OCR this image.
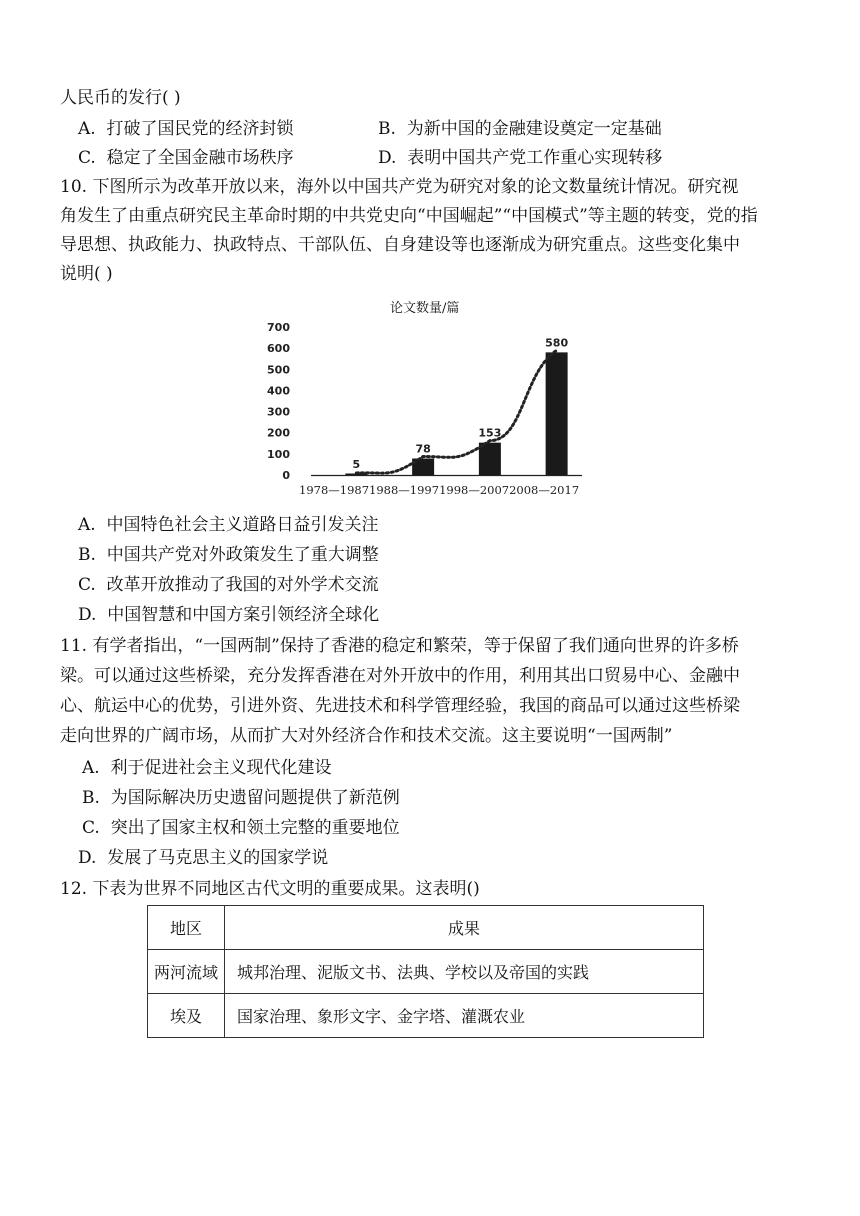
人民币的发行( )
A. 打破了国民党的经济封锁	B. 为新中国的金融建设奠定一定基础
C. 稳定了全国金融市场秩序	D. 表明中国共产党工作重心实现转移
10. 下图所示为改革开放以来，海外以中国共产党为研究对象的论文数量统计情况。研究视
角发生了由重点研究民主革命时期的中共党史向“中国崛起”“中国模式”等主题的转变，党的指
导思想、执政能力、执政特点、干部队伍、自身建设等也逐渐成为研究重点。这些变化集中
说明( )
论文数量/篇
0
100
200
300
400
500
600
700
5
78
153
580
1978—19871988—19971998—20072008—2017
A. 中国特色社会主义道路日益引发关注
B. 中国共产党对外政策发生了重大调整
C. 改革开放推动了我国的对外学术交流
D. 中国智慧和中国方案引领经济全球化
11. 有学者指出，“一国两制”保持了香港的稳定和繁荣，等于保留了我们通向世界的许多桥
梁。可以通过这些桥梁，充分发挥香港在对外开放中的作用，利用其出口贸易中心、金融中
心、航运中心的优势，引进外资、先进技术和科学管理经验，我国的商品可以通过这些桥梁
走向世界的广阔市场，从而扩大对外经济合作和技术交流。这主要说明“一国两制”
A. 利于促进社会主义现代化建设
B. 为国际解决历史遗留问题提供了新范例
C. 突出了国家主权和领土完整的重要地位
D. 发展了马克思主义的国家学说
12. 下表为世界不同地区古代文明的重要成果。这表明()
地区	成果
两河流域	城邦治理、泥版文书、法典、学校以及帝国的实践
埃及	国家治理、象形文字、金字塔、灌溉农业
